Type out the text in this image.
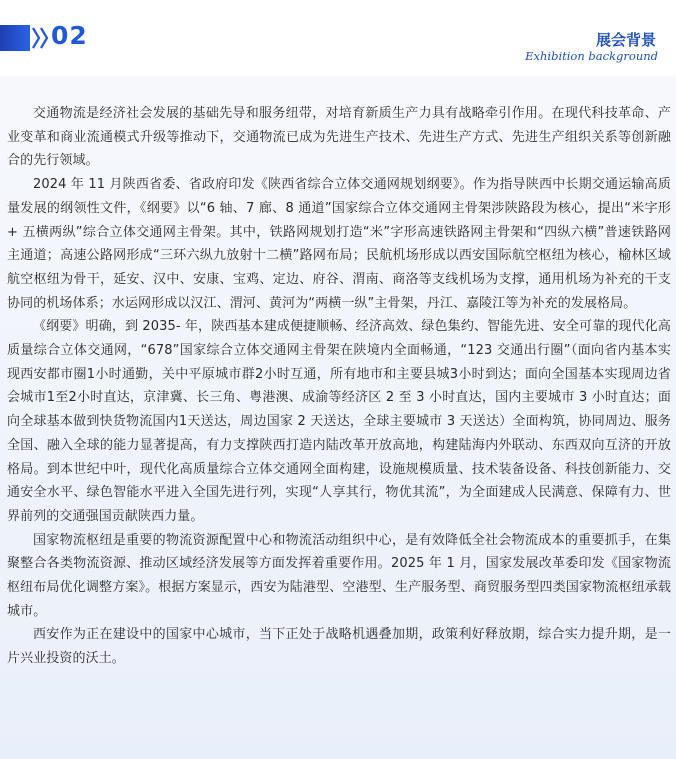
02	展会背景
Exhibition background

交通物流是经济社会发展的基础先导和服务纽带，对培育新质生产力具有战略牵引作用。在现代科技革命、产业变革和商业流通模式升级等推动下，交通物流已成为先进生产技术、先进生产方式、先进生产组织关系等创新融合的先行领域。

2024 年 11 月陕西省委、省政府印发《陕西省综合立体交通网规划纲要》。作为指导陕西中长期交通运输高质量发展的纲领性文件，《纲要》以“6 轴、7 廊、8 通道”国家综合立体交通网主骨架涉陕路段为核心，提出“米字形 + 五横两纵”综合立体交通网主骨架。其中，铁路网规划打造“米”字形高速铁路网主骨架和“四纵六横”普速铁路网主通道；高速公路网形成“三环六纵九放射十二横”路网布局；民航机场形成以西安国际航空枢纽为核心，榆林区域航空枢纽为骨干，延安、汉中、安康、宝鸡、定边、府谷、渭南、商洛等支线机场为支撑，通用机场为补充的干支协同的机场体系；水运网形成以汉江、渭河、黄河为“两横一纵”主骨架，丹江、嘉陵江等为补充的发展格局。

《纲要》明确，到 2035- 年，陕西基本建成便捷顺畅、经济高效、绿色集约、智能先进、安全可靠的现代化高质量综合立体交通网，“678”国家综合立体交通网主骨架在陕境内全面畅通，“123 交通出行圈”（面向省内基本实现西安都市圈1小时通勤，关中平原城市群2小时互通，所有地市和主要县城3小时到达；面向全国基本实现周边省会城市1至2小时直达，京津冀、长三角、粤港澳、成渝等经济区 2 至 3 小时直达，国内主要城市 3 小时直达；面向全球基本做到快货物流国内1天送达，周边国家 2 天送达，全球主要城市 3 天送达）全面构筑，协同周边、服务全国、融入全球的能力显著提高，有力支撑陕西打造内陆改革开放高地，构建陆海内外联动、东西双向互济的开放格局。到本世纪中叶，现代化高质量综合立体交通网全面构建，设施规模质量、技术装备设备、科技创新能力、交通安全水平、绿色智能水平进入全国先进行列，实现“人享其行，物优其流”，为全面建成人民满意、保障有力、世界前列的交通强国贡献陕西力量。

国家物流枢纽是重要的物流资源配置中心和物流活动组织中心，是有效降低全社会物流成本的重要抓手，在集聚整合各类物流资源、推动区域经济发展等方面发挥着重要作用。2025 年 1 月，国家发展改革委印发《国家物流枢纽布局优化调整方案》。根据方案显示，西安为陆港型、空港型、生产服务型、商贸服务型四类国家物流枢纽承载城市。

西安作为正在建设中的国家中心城市，当下正处于战略机遇叠加期，政策利好释放期，综合实力提升期，是一片兴业投资的沃土。
